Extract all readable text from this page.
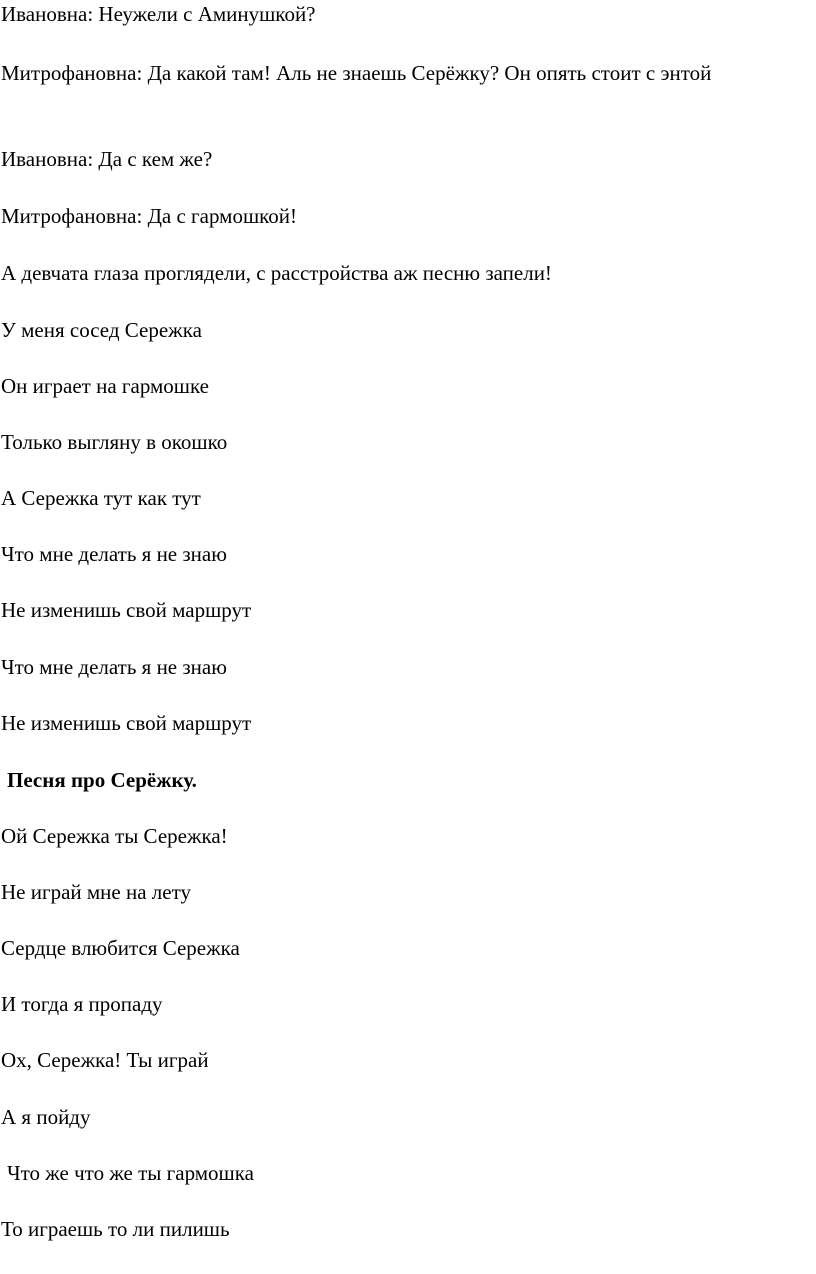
Ивановна: Неужели с Аминушкой?

Митрофановна: Да какой там! Аль не знаешь Серёжку? Он опять стоит с энтой

Ивановна: Да с кем же?

Митрофановна: Да с гармошкой!

А девчата глаза проглядели, с расстройства аж песню запели!

У меня сосед Сережка

Он играет на гармошке

Только выгляну в окошко

А Сережка тут как тут

Что мне делать я не знаю

Не изменишь свой маршрут

Что мне делать я не знаю

Не изменишь свой маршрут

Песня про Серёжку.

Ой Сережка ты Сережка!

Не играй мне на лету

Сердце влюбится Сережка

И тогда я пропаду

Ох, Сережка! Ты играй

А я пойду

Что же что же ты гармошка

То играешь то ли пилишь
